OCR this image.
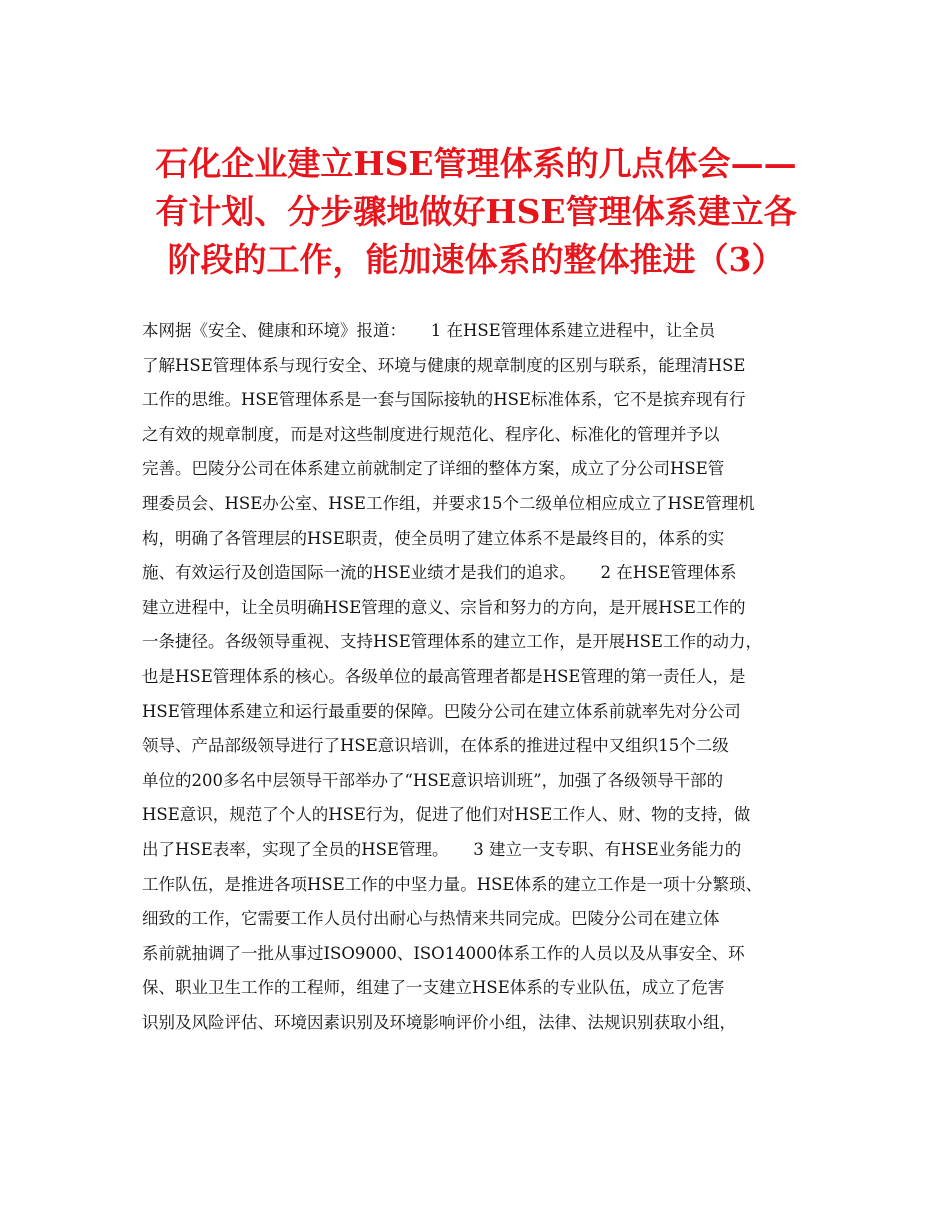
石化企业建立HSE管理体系的几点体会——
有计划、分步骤地做好HSE管理体系建立各
阶段的工作，能加速体系的整体推进（3）
本网据《安全、健康和环境》报道：　　1 在HSE管理体系建立进程中，让全员
了解HSE管理体系与现行安全、环境与健康的规章制度的区别与联系，能理清HSE
工作的思维。HSE管理体系是一套与国际接轨的HSE标准体系，它不是摈弃现有行
之有效的规章制度，而是对这些制度进行规范化、程序化、标准化的管理并予以
完善。巴陵分公司在体系建立前就制定了详细的整体方案，成立了分公司HSE管
理委员会、HSE办公室、HSE工作组，并要求15个二级单位相应成立了HSE管理机
构，明确了各管理层的HSE职责，使全员明了建立体系不是最终目的，体系的实
施、有效运行及创造国际一流的HSE业绩才是我们的追求。　　2 在HSE管理体系
建立进程中，让全员明确HSE管理的意义、宗旨和努力的方向，是开展HSE工作的
一条捷径。各级领导重视、支持HSE管理体系的建立工作，是开展HSE工作的动力，
也是HSE管理体系的核心。各级单位的最高管理者都是HSE管理的第一责任人，是
HSE管理体系建立和运行最重要的保障。巴陵分公司在建立体系前就率先对分公司
领导、产品部级领导进行了HSE意识培训，在体系的推进过程中又组织15个二级
单位的200多名中层领导干部举办了“HSE意识培训班”，加强了各级领导干部的
HSE意识，规范了个人的HSE行为，促进了他们对HSE工作人、财、物的支持，做
出了HSE表率，实现了全员的HSE管理。　　3 建立一支专职、有HSE业务能力的
工作队伍，是推进各项HSE工作的中坚力量。HSE体系的建立工作是一项十分繁琐、
细致的工作，它需要工作人员付出耐心与热情来共同完成。巴陵分公司在建立体
系前就抽调了一批从事过ISO9000、ISO14000体系工作的人员以及从事安全、环
保、职业卫生工作的工程师，组建了一支建立HSE体系的专业队伍，成立了危害
识别及风险评估、环境因素识别及环境影响评价小组，法律、法规识别获取小组，
